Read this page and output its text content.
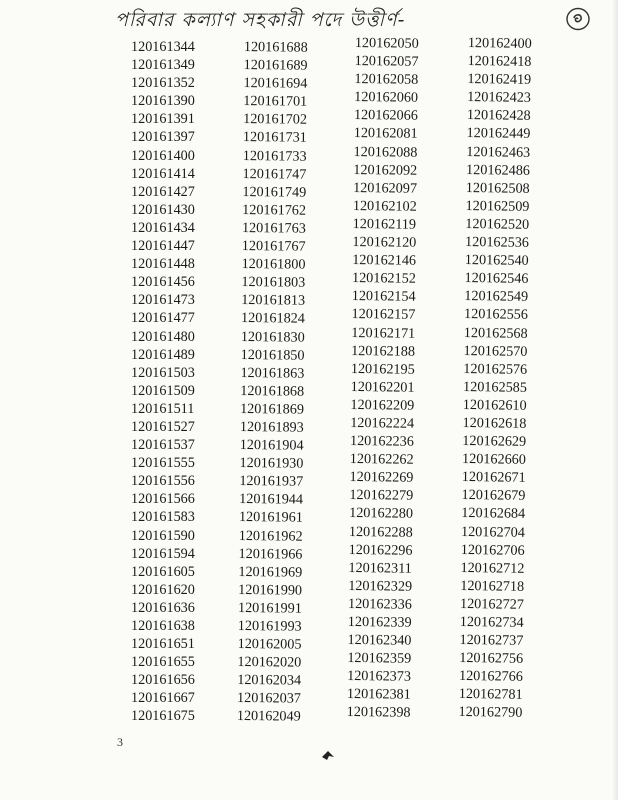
পরিবার কল্যাণ সহকারী পদে উত্তীর্ণ-
120161344
120161349
120161352
120161390
120161391
120161397
120161400
120161414
120161427
120161430
120161434
120161447
120161448
120161456
120161473
120161477
120161480
120161489
120161503
120161509
120161511
120161527
120161537
120161555
120161556
120161566
120161583
120161590
120161594
120161605
120161620
120161636
120161638
120161651
120161655
120161656
120161667
120161675
120161688
120161689
120161694
120161701
120161702
120161731
120161733
120161747
120161749
120161762
120161763
120161767
120161800
120161803
120161813
120161824
120161830
120161850
120161863
120161868
120161869
120161893
120161904
120161930
120161937
120161944
120161961
120161962
120161966
120161969
120161990
120161991
120161993
120162005
120162020
120162034
120162037
120162049
120162050
120162057
120162058
120162060
120162066
120162081
120162088
120162092
120162097
120162102
120162119
120162120
120162146
120162152
120162154
120162157
120162171
120162188
120162195
120162201
120162209
120162224
120162236
120162262
120162269
120162279
120162280
120162288
120162296
120162311
120162329
120162336
120162339
120162340
120162359
120162373
120162381
120162398
120162400
120162418
120162419
120162423
120162428
120162449
120162463
120162486
120162508
120162509
120162520
120162536
120162540
120162546
120162549
120162556
120162568
120162570
120162576
120162585
120162610
120162618
120162629
120162660
120162671
120162679
120162684
120162704
120162706
120162712
120162718
120162727
120162734
120162737
120162756
120162766
120162781
120162790
3
